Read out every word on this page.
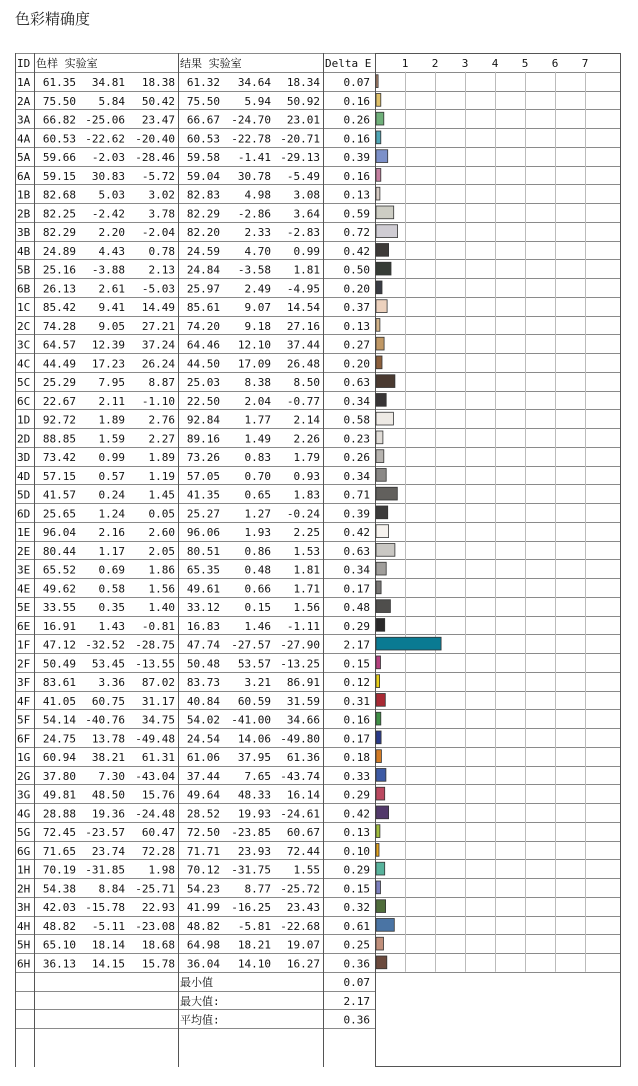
色彩精确度
ID 色样 实验室	结果 实验室	Delta E	1 2 3 4 5 6 7
1A 61.35 34.81 18.38 61.32 34.64 18.34 0.07
2A 75.50 5.84 50.42 75.50 5.94 50.92 0.16
3A 66.82 -25.06 23.47 66.67 -24.70 23.01 0.26
4A 60.53 -22.62 -20.40 60.53 -22.78 -20.71 0.16
5A 59.66 -2.03 -28.46 59.58 -1.41 -29.13 0.39
6A 59.15 30.83 -5.72 59.04 30.78 -5.49 0.16
1B 82.68 5.03 3.02 82.83 4.98 3.08 0.13
2B 82.25 -2.42 3.78 82.29 -2.86 3.64 0.59
3B 82.29 2.20 -2.04 82.20 2.33 -2.83 0.72
4B 24.89 4.43 0.78 24.59 4.70 0.99 0.42
5B 25.16 -3.88 2.13 24.84 -3.58 1.81 0.50
6B 26.13 2.61 -5.03 25.97 2.49 -4.95 0.20
1C 85.42 9.41 14.49 85.61 9.07 14.54 0.37
2C 74.28 9.05 27.21 74.20 9.18 27.16 0.13
3C 64.57 12.39 37.24 64.46 12.10 37.44 0.27
4C 44.49 17.23 26.24 44.50 17.09 26.48 0.20
5C 25.29 7.95 8.87 25.03 8.38 8.50 0.63
6C 22.67 2.11 -1.10 22.50 2.04 -0.77 0.34
1D 92.72 1.89 2.76 92.84 1.77 2.14 0.58
2D 88.85 1.59 2.27 89.16 1.49 2.26 0.23
3D 73.42 0.99 1.89 73.26 0.83 1.79 0.26
4D 57.15 0.57 1.19 57.05 0.70 0.93 0.34
5D 41.57 0.24 1.45 41.35 0.65 1.83 0.71
6D 25.65 1.24 0.05 25.27 1.27 -0.24 0.39
1E 96.04 2.16 2.60 96.06 1.93 2.25 0.42
2E 80.44 1.17 2.05 80.51 0.86 1.53 0.63
3E 65.52 0.69 1.86 65.35 0.48 1.81 0.34
4E 49.62 0.58 1.56 49.61 0.66 1.71 0.17
5E 33.55 0.35 1.40 33.12 0.15 1.56 0.48
6E 16.91 1.43 -0.81 16.83 1.46 -1.11 0.29
1F 47.12 -32.52 -28.75 47.74 -27.57 -27.90 2.17
2F 50.49 53.45 -13.55 50.48 53.57 -13.25 0.15
3F 83.61 3.36 87.02 83.73 3.21 86.91 0.12
4F 41.05 60.75 31.17 40.84 60.59 31.59 0.31
5F 54.14 -40.76 34.75 54.02 -41.00 34.66 0.16
6F 24.75 13.78 -49.48 24.54 14.06 -49.80 0.17
1G 60.94 38.21 61.31 61.06 37.95 61.36 0.18
2G 37.80 7.30 -43.04 37.44 7.65 -43.74 0.33
3G 49.81 48.50 15.76 49.64 48.33 16.14 0.29
4G 28.88 19.36 -24.48 28.52 19.93 -24.61 0.42
5G 72.45 -23.57 60.47 72.50 -23.85 60.67 0.13
6G 71.65 23.74 72.28 71.71 23.93 72.44 0.10
1H 70.19 -31.85 1.98 70.12 -31.75 1.55 0.29
2H 54.38 8.84 -25.71 54.23 8.77 -25.72 0.15
3H 42.03 -15.78 22.93 41.99 -16.25 23.43 0.32
4H 48.82 -5.11 -23.08 48.82 -5.81 -22.68 0.61
5H 65.10 18.14 18.68 64.98 18.21 19.07 0.25
6H 36.13 14.15 15.78 36.04 14.10 16.27 0.36
最小值	0.07
最大值:	2.17
平均值:	0.36
